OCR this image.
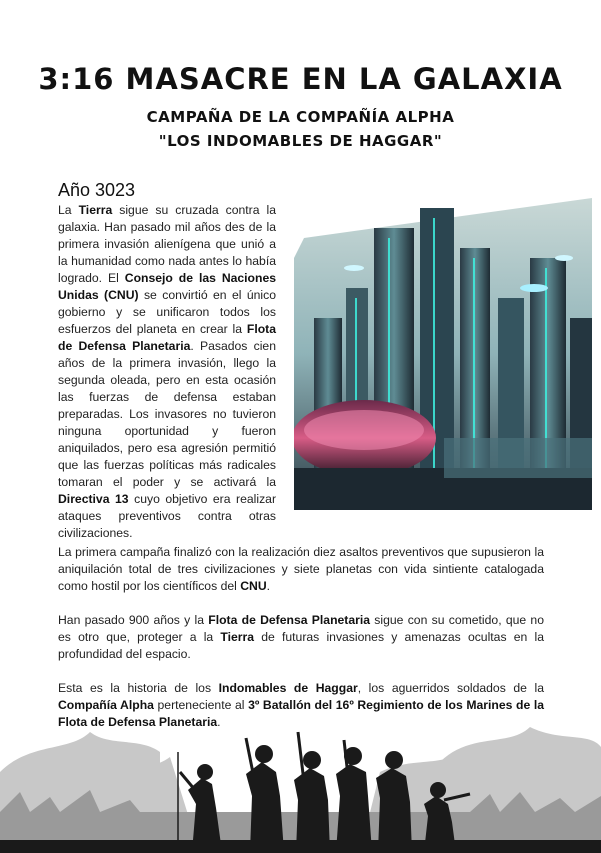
3:16 MASACRE EN LA GALAXIA
CAMPAÑA DE LA COMPAÑÍA ALPHA
"LOS INDOMABLES DE HAGGAR"
Año 3023

La Tierra sigue su cruzada contra la galaxia. Han pasado mil años des de la primera invasión alienígena que unió a la humanidad como nada antes lo había logrado. El Consejo de las Naciones Unidas (CNU) se convirtió en el único gobierno y se unificaron todos los esfuerzos del planeta en crear la Flota de Defensa Planetaria. Pasados cien años de la primera invasión, llego la segunda oleada, pero en esta ocasión las fuerzas de defensa estaban preparadas. Los invasores no tuvieron ninguna oportunidad y fueron aniquilados, pero esa agresión permitió que las fuerzas políticas más radicales tomaran el poder y se activará la Directiva 13 cuyo objetivo era realizar ataques preventivos contra otras civilizaciones.

La primera campaña finalizó con la realización diez asaltos preventivos que supusieron la aniquilación total de tres civilizaciones y siete planetas con vida sintiente catalogada como hostil por los científicos del CNU.

Han pasado 900 años y la Flota de Defensa Planetaria sigue con su cometido, que no es otro que, proteger a la Tierra de futuras invasiones y amenazas ocultas en la profundidad del espacio.

Esta es la historia de los Indomables de Haggar, los aguerridos soldados de la Compañía Alpha perteneciente al 3º Batallón del 16º Regimiento de los Marines de la Flota de Defensa Planetaria.
